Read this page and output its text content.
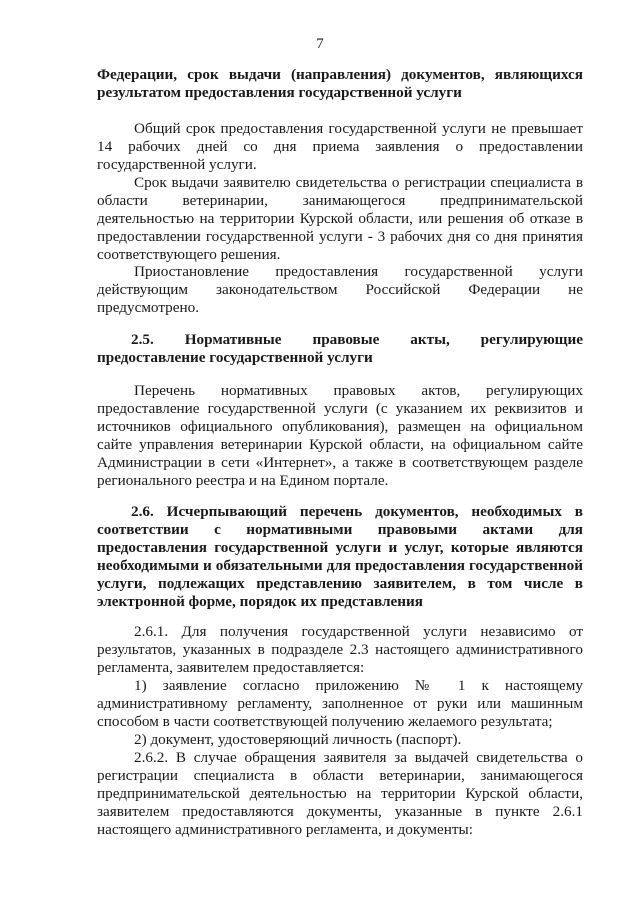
7

Федерации, срок выдачи (направления) документов, являющихся

результатом предоставления государственной услуги

Общий срок предоставления государственной услуги не превышает

14 рабочих дней со дня приема заявления о предоставлении

государственной услуги.

Срок выдачи заявителю свидетельства о регистрации специалиста в

области ветеринарии, занимающегося предпринимательской

деятельностью на территории Курской области, или решения об отказе в

предоставлении государственной услуги - 3 рабочих дня со дня принятия

соответствующего решения.

Приостановление предоставления государственной услуги

действующим законодательством Российской Федерации не

предусмотрено.

2.5. Нормативные правовые акты, регулирующие

предоставление государственной услуги

Перечень нормативных правовых актов, регулирующих

предоставление государственной услуги (с указанием их реквизитов и

источников официального опубликования), размещен на официальном

сайте управления ветеринарии Курской области, на официальном сайте

Администрации в сети «Интернет», а также в соответствующем разделе

регионального реестра и на Едином портале.

2.6. Исчерпывающий перечень документов, необходимых в

соответствии с нормативными правовыми актами для

предоставления государственной услуги и услуг, которые являются

необходимыми и обязательными для предоставления государственной

услуги, подлежащих представлению заявителем, в том числе в

электронной форме, порядок их представления

2.6.1. Для получения государственной услуги независимо от

результатов, указанных в подразделе 2.3 настоящего административного

регламента, заявителем предоставляется:

1) заявление согласно приложению № 1 к настоящему

административному регламенту, заполненное от руки или машинным

способом в части соответствующей получению желаемого результата;

2) документ, удостоверяющий личность (паспорт).

2.6.2. В случае обращения заявителя за выдачей свидетельства о

регистрации специалиста в области ветеринарии, занимающегося

предпринимательской деятельностью на территории Курской области,

заявителем предоставляются документы, указанные в пункте 2.6.1

настоящего административного регламента, и документы:
